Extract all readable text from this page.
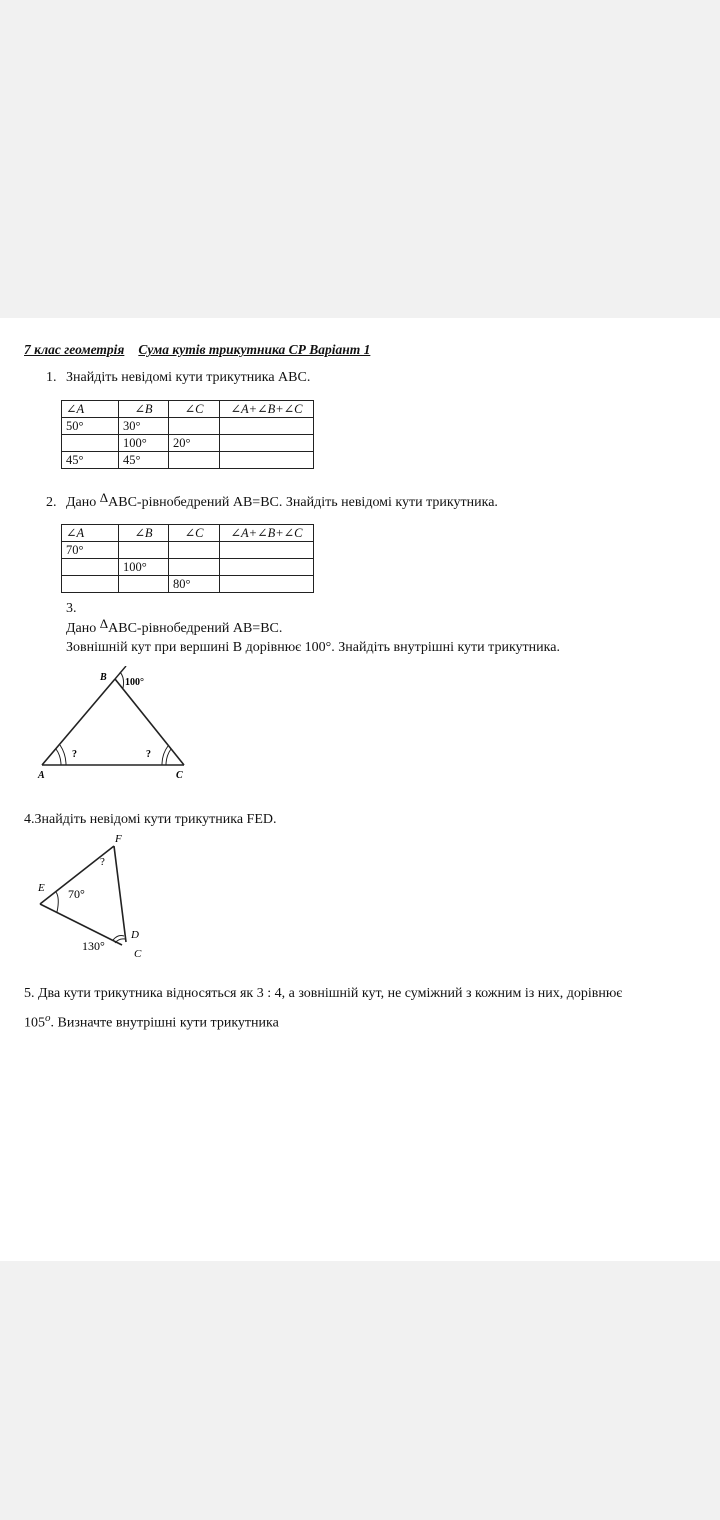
7 клас геометрія Сума кутів трикутника СР Варіант 1
1. Знайдіть невідомі кути трикутника АВС.
∠A	∠B	∠C	∠A+∠B+∠C
50°	30°		
	100°	20°	
45°	45°		
2. Дано ΔАВС-рівнобедрений АВ=ВС. Знайдіть невідомі кути трикутника.
∠A	∠B	∠C	∠A+∠B+∠C
70°			
	100°		
		80°	
3.
Дано ΔАВС-рівнобедрений АВ=ВС.
Зовнішній кут при вершині В дорівнює 100°. Знайдіть внутрішні кути трикутника.
A
B
C
100°
?	?
4.Знайдіть невідомі кути трикутника FED.
F
E
D
C
70°
130°
?
5. Два кути трикутника відносяться як 3 : 4, а зовнішній кут, не суміжний з кожним із них, дорівнює
105$^o$. Визначте внутрішні кути трикутника
